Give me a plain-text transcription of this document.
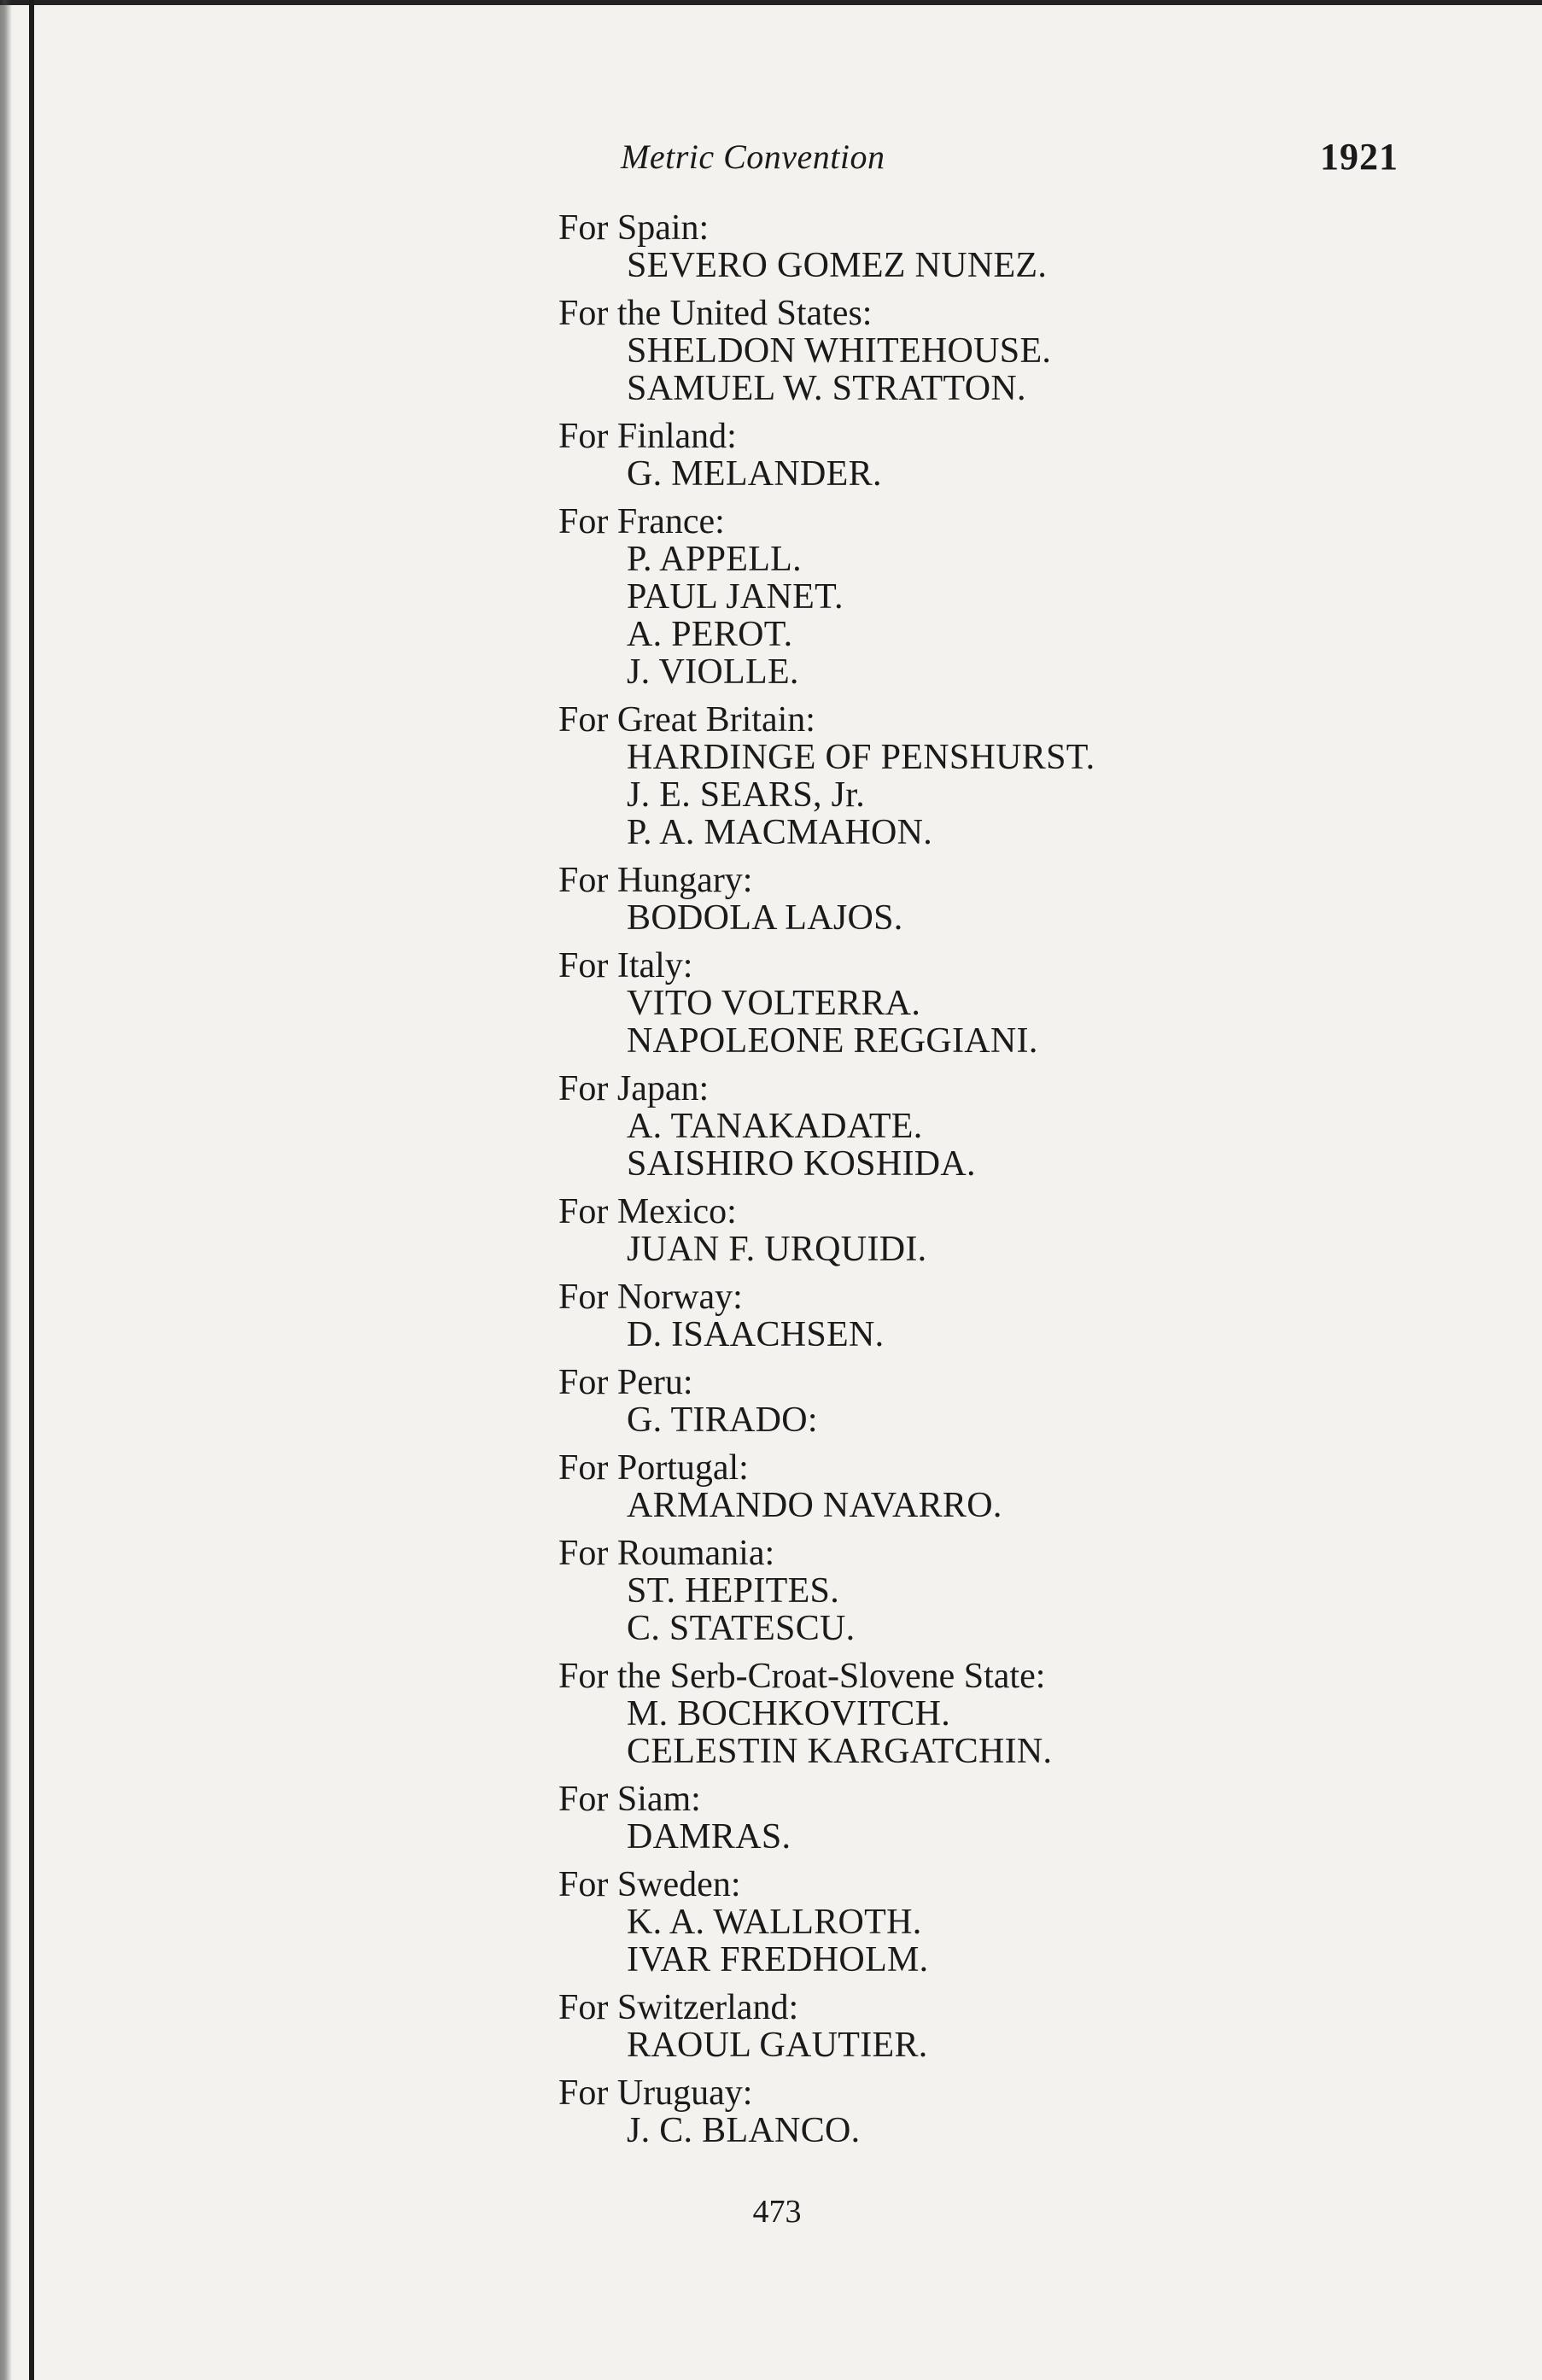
Metric Convention	1921
For Spain:
SEVERO GOMEZ NUNEZ.
For the United States:
SHELDON WHITEHOUSE.
SAMUEL W. STRATTON.
For Finland:
G. MELANDER.
For France:
P. APPELL.
PAUL JANET.
A. PEROT.
J. VIOLLE.
For Great Britain:
HARDINGE OF PENSHURST.
J. E. SEARS, Jr.
P. A. MACMAHON.
For Hungary:
BODOLA LAJOS.
For Italy:
VITO VOLTERRA.
NAPOLEONE REGGIANI.
For Japan:
A. TANAKADATE.
SAISHIRO KOSHIDA.
For Mexico:
JUAN F. URQUIDI.
For Norway:
D. ISAACHSEN.
For Peru:
G. TIRADO:
For Portugal:
ARMANDO NAVARRO.
For Roumania:
ST. HEPITES.
C. STATESCU.
For the Serb-Croat-Slovene State:
M. BOCHKOVITCH.
CELESTIN KARGATCHIN.
For Siam:
DAMRAS.
For Sweden:
K. A. WALLROTH.
IVAR FREDHOLM.
For Switzerland:
RAOUL GAUTIER.
For Uruguay:
J. C. BLANCO.
473
